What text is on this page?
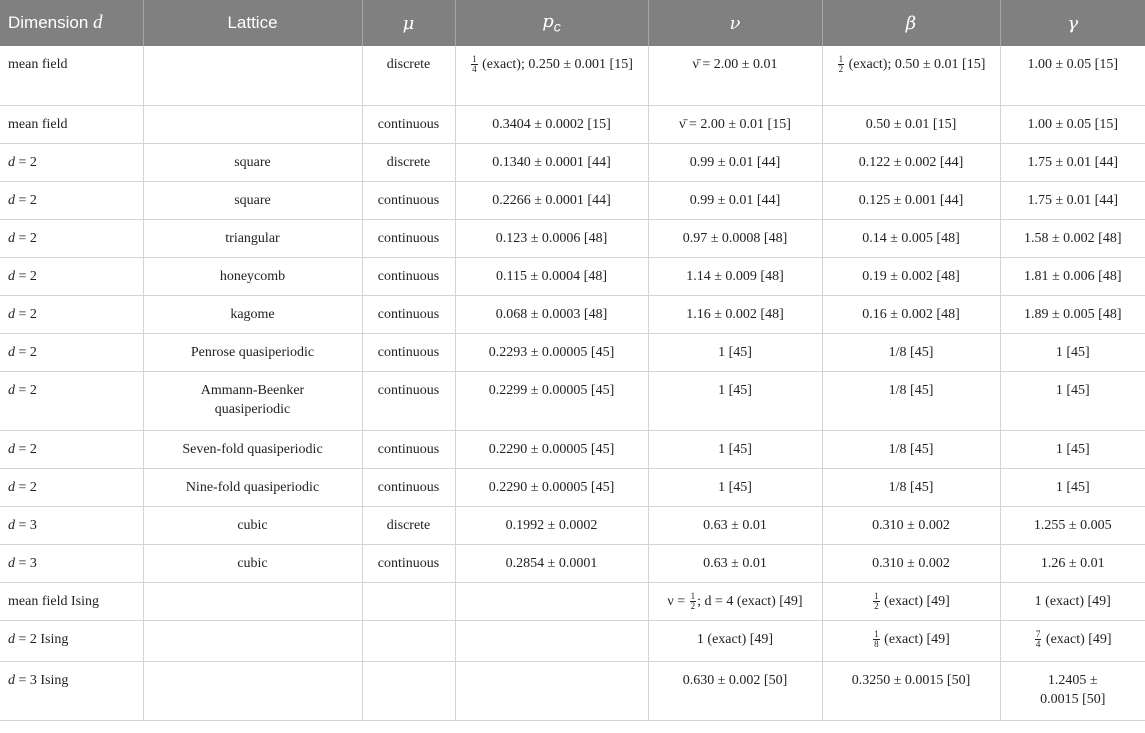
Dimension d	Lattice	μ	$p_c$	ν	β	γ
mean field		discrete	$\frac{1}{4}$ (exact); 0.250 ± 0.001 [15]	ν̄ = 2.00 ± 0.01	$\frac{1}{2}$ (exact); 0.50 ± 0.01 [15]	1.00 ± 0.05 [15]
mean field		continuous	0.3404 ± 0.0002 [15]	ν̄ = 2.00 ± 0.01 [15]	0.50 ± 0.01 [15]	1.00 ± 0.05 [15]
d = 2	square	discrete	0.1340 ± 0.0001 [44]	0.99 ± 0.01 [44]	0.122 ± 0.002 [44]	1.75 ± 0.01 [44]
d = 2	square	continuous	0.2266 ± 0.0001 [44]	0.99 ± 0.01 [44]	0.125 ± 0.001 [44]	1.75 ± 0.01 [44]
d = 2	triangular	continuous	0.123 ± 0.0006 [48]	0.97 ± 0.0008 [48]	0.14 ± 0.005 [48]	1.58 ± 0.002 [48]
d = 2	honeycomb	continuous	0.115 ± 0.0004 [48]	1.14 ± 0.009 [48]	0.19 ± 0.002 [48]	1.81 ± 0.006 [48]
d = 2	kagome	continuous	0.068 ± 0.0003 [48]	1.16 ± 0.002 [48]	0.16 ± 0.002 [48]	1.89 ± 0.005 [48]
d = 2	Penrose quasiperiodic	continuous	0.2293 ± 0.00005 [45]	1 [45]	1/8 [45]	1 [45]
d = 2	Ammann-Beenker quasiperiodic	continuous	0.2299 ± 0.00005 [45]	1 [45]	1/8 [45]	1 [45]
d = 2	Seven-fold quasiperiodic	continuous	0.2290 ± 0.00005 [45]	1 [45]	1/8 [45]	1 [45]
d = 2	Nine-fold quasiperiodic	continuous	0.2290 ± 0.00005 [45]	1 [45]	1/8 [45]	1 [45]
d = 3	cubic	discrete	0.1992 ± 0.0002	0.63 ± 0.01	0.310 ± 0.002	1.255 ± 0.005
d = 3	cubic	continuous	0.2854 ± 0.0001	0.63 ± 0.01	0.310 ± 0.002	1.26 ± 0.01
mean field Ising				$\nu = \frac{1}{2}$ ; d = 4 (exact) [49]	$\frac{1}{2}$ (exact) [49]	1 (exact) [49]
d = 2 Ising				1 (exact) [49]	$\frac{1}{8}$ (exact) [49]	$\frac{7}{4}$ (exact) [49]
d = 3 Ising				0.630 ± 0.002 [50]	0.3250 ± 0.0015 [50]	1.2405 ± 0.0015 [50]
